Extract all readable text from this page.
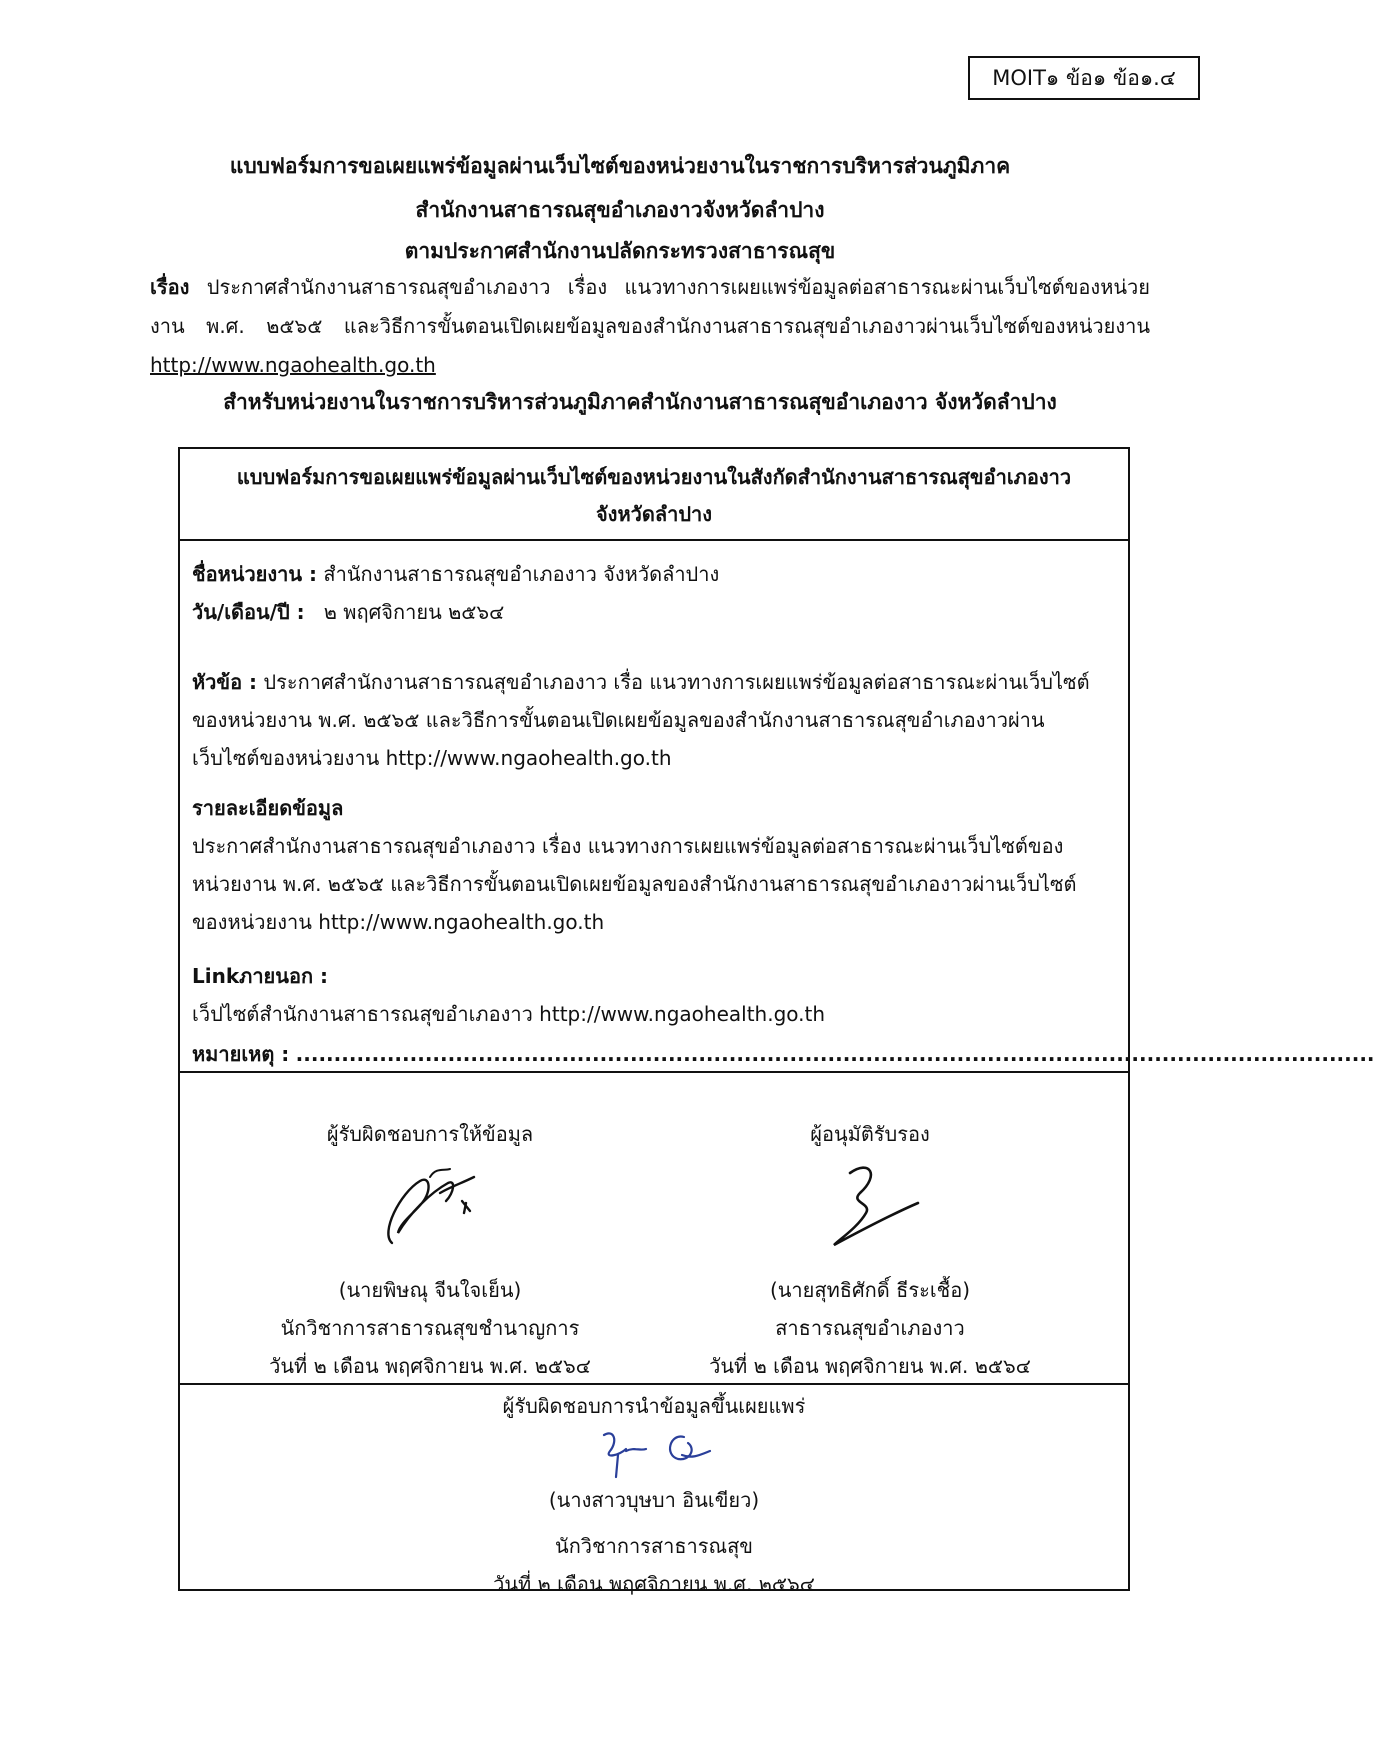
MOIT๑ ข้อ๑ ข้อ๑.๔
แบบฟอร์มการขอเผยแพร่ข้อมูลผ่านเว็บไซต์ของหน่วยงานในราชการบริหารส่วนภูมิภาค
สำนักงานสาธารณสุขอำเภองาวจังหวัดลำปาง
ตามประกาศสำนักงานปลัดกระทรวงสาธารณสุข
เรื่อง ประกาศสำนักงานสาธารณสุขอำเภองาว เรื่อง แนวทางการเผยแพร่ข้อมูลต่อสาธารณะผ่านเว็บไซต์ของหน่วยงาน พ.ศ. ๒๕๖๕ และวิธีการขั้นตอนเปิดเผยข้อมูลของสำนักงานสาธารณสุขอำเภองาวผ่านเว็บไซต์ของหน่วยงาน http://www.ngaohealth.go.th
สำหรับหน่วยงานในราชการบริหารส่วนภูมิภาคสำนักงานสาธารณสุขอำเภองาว จังหวัดลำปาง
แบบฟอร์มการขอเผยแพร่ข้อมูลผ่านเว็บไซต์ของหน่วยงานในสังกัดสำนักงานสาธารณสุขอำเภองาว
จังหวัดลำปาง
ชื่อหน่วยงาน : สำนักงานสาธารณสุขอำเภองาว จังหวัดลำปาง
วัน/เดือน/ปี : ๒ พฤศจิกายน ๒๕๖๔
หัวข้อ : ประกาศสำนักงานสาธารณสุขอำเภองาว เรื่อ แนวทางการเผยแพร่ข้อมูลต่อสาธารณะผ่านเว็บไซต์
ของหน่วยงาน พ.ศ. ๒๕๖๕ และวิธีการขั้นตอนเปิดเผยข้อมูลของสำนักงานสาธารณสุขอำเภองาวผ่าน
เว็บไซต์ของหน่วยงาน http://www.ngaohealth.go.th
รายละเอียดข้อมูล
ประกาศสำนักงานสาธารณสุขอำเภองาว เรื่อง แนวทางการเผยแพร่ข้อมูลต่อสาธารณะผ่านเว็บไซต์ของ
หน่วยงาน พ.ศ. ๒๕๖๕ และวิธีการขั้นตอนเปิดเผยข้อมูลของสำนักงานสาธารณสุขอำเภองาวผ่านเว็บไซต์
ของหน่วยงาน http://www.ngaohealth.go.th
Linkภายนอก :
เว็ปไซต์สำนักงานสาธารณสุขอำเภองาว http://www.ngaohealth.go.th
หมายเหตุ : ..............................................................................................................................................
ผู้รับผิดชอบการให้ข้อมูล
(นายพิษณุ จีนใจเย็น)
นักวิชาการสาธารณสุขชำนาญการ
วันที่ ๒ เดือน พฤศจิกายน พ.ศ. ๒๕๖๔
ผู้อนุมัติรับรอง
(นายสุทธิศักดิ์ ธีระเชื้อ)
สาธารณสุขอำเภองาว
วันที่ ๒ เดือน พฤศจิกายน พ.ศ. ๒๕๖๔
ผู้รับผิดชอบการนำข้อมูลขึ้นเผยแพร่
(นางสาวบุษบา อินเขียว)
นักวิชาการสาธารณสุข
วันที่ ๒ เดือน พฤศจิกายน พ.ศ. ๒๕๖๔
